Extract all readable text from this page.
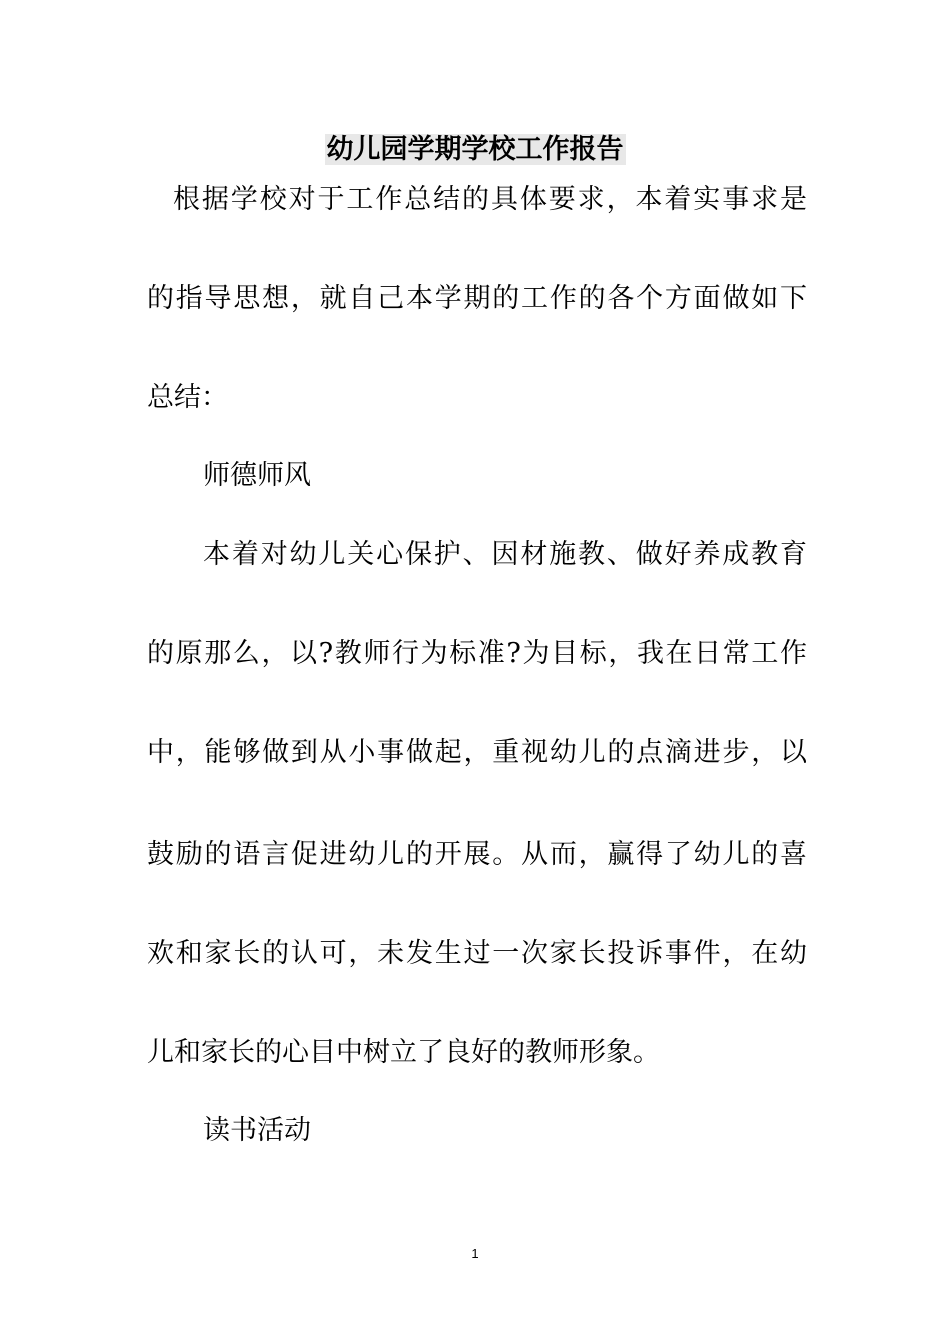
幼儿园学期学校工作报告
根据学校对于工作总结的具体要求，本着实事求是
的指导思想，就自己本学期的工作的各个方面做如下
总结：
师德师风
本着对幼儿关心保护、因材施教、做好养成教育
的原那么，以?教师行为标准?为目标，我在日常工作
中，能够做到从小事做起，重视幼儿的点滴进步，以
鼓励的语言促进幼儿的开展。从而，赢得了幼儿的喜
欢和家长的认可，未发生过一次家长投诉事件，在幼
儿和家长的心目中树立了良好的教师形象。
读书活动
1
